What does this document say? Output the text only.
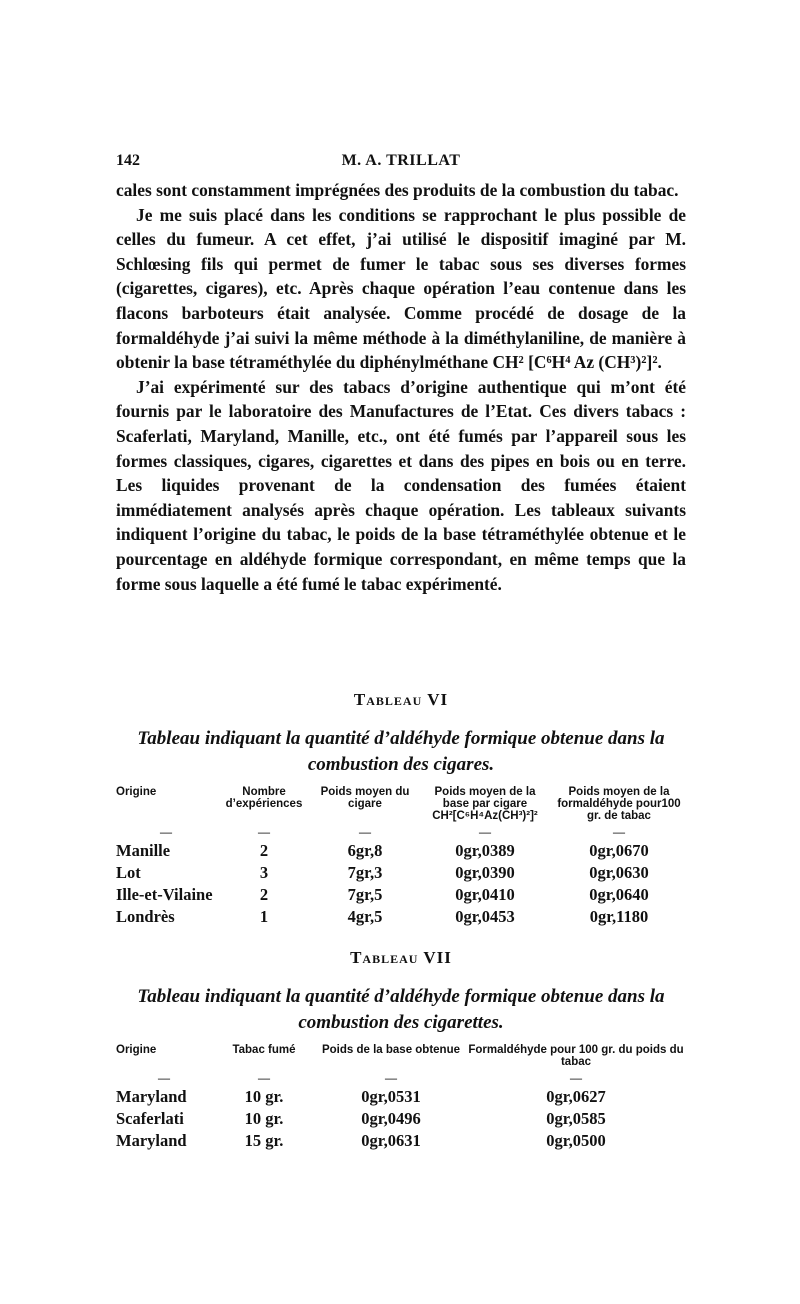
142	M. A. TRILLAT

cales sont constamment imprégnées des produits de la combustion du tabac.

Je me suis placé dans les conditions se rapprochant le plus possible de celles du fumeur. A cet effet, j’ai utilisé le dispositif imaginé par M. Schlœsing fils qui permet de fumer le tabac sous ses diverses formes (cigarettes, cigares), etc. Après chaque opération l’eau contenue dans les flacons barboteurs était analysée. Comme procédé de dosage de la formaldéhyde j’ai suivi la même méthode à la diméthylaniline, de manière à obtenir la base tétraméthylée du diphénylméthane CH² [C⁶H⁴ Az (CH³)²]².

J’ai expérimenté sur des tabacs d’origine authentique qui m’ont été fournis par le laboratoire des Manufactures de l’Etat. Ces divers tabacs : Scaferlati, Maryland, Manille, etc., ont été fumés par l’appareil sous les formes classiques, cigares, cigarettes et dans des pipes en bois ou en terre. Les liquides provenant de la condensation des fumées étaient immédiatement analysés après chaque opération. Les tableaux suivants indiquent l’origine du tabac, le poids de la base tétraméthylée obtenue et le pourcentage en aldéhyde formique correspondant, en même temps que la forme sous laquelle a été fumé le tabac expérimenté.

Tableau VI
Tableau indiquant la quantité d’aldéhyde formique obtenue dans la combustion des cigares.
Origine	Nombre d’expériences	Poids moyen du cigare	Poids moyen de la base par cigare CH²[C⁶H⁴Az(CH³)²]²	Poids moyen de la formaldéhyde pour100 gr. de tabac
—	—	—	—	—
Manille	2	6gr,8	0gr,0389	0gr,0670
Lot	3	7gr,3	0gr,0390	0gr,0630
Ille-et-Vilaine	2	7gr,5	0gr,0410	0gr,0640
Londrès	1	4gr,5	0gr,0453	0gr,1180
Tableau VII
Tableau indiquant la quantité d’aldéhyde formique obtenue dans la combustion des cigarettes.
Origine	Tabac fumé	Poids de la base obtenue	Formaldéhyde pour 100 gr. du poids du tabac
—	—	—	—
Maryland	10 gr.	0gr,0531	0gr,0627
Scaferlati	10 gr.	0gr,0496	0gr,0585
Maryland	15 gr.	0gr,0631	0gr,0500
